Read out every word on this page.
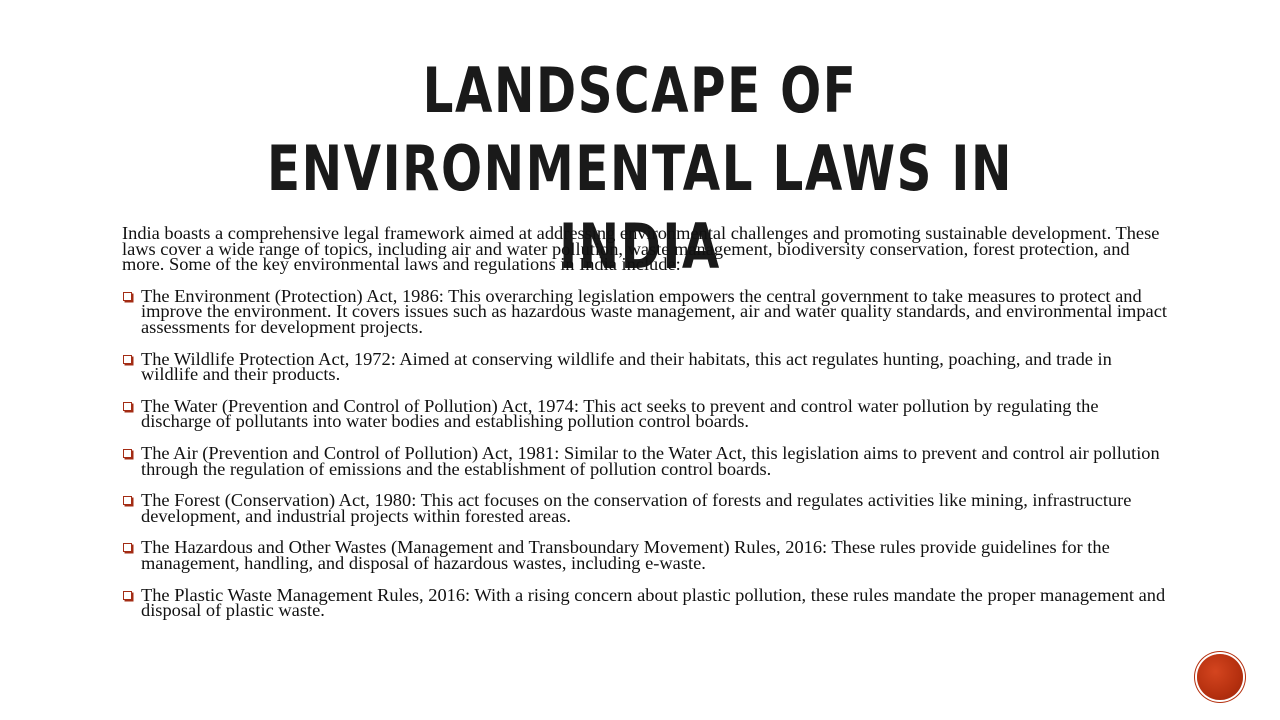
LANDSCAPE OF ENVIRONMENTAL LAWS IN INDIA

India boasts a comprehensive legal framework aimed at addressing environmental challenges and promoting sustainable development. These laws cover a wide range of topics, including air and water pollution, waste management, biodiversity conservation, forest protection, and more. Some of the key environmental laws and regulations in India include:

The Environment (Protection) Act, 1986: This overarching legislation empowers the central government to take measures to protect and improve the environment. It covers issues such as hazardous waste management, air and water quality standards, and environmental impact assessments for development projects.
The Wildlife Protection Act, 1972: Aimed at conserving wildlife and their habitats, this act regulates hunting, poaching, and trade in wildlife and their products.
The Water (Prevention and Control of Pollution) Act, 1974: This act seeks to prevent and control water pollution by regulating the discharge of pollutants into water bodies and establishing pollution control boards.
The Air (Prevention and Control of Pollution) Act, 1981: Similar to the Water Act, this legislation aims to prevent and control air pollution through the regulation of emissions and the establishment of pollution control boards.
The Forest (Conservation) Act, 1980: This act focuses on the conservation of forests and regulates activities like mining, infrastructure development, and industrial projects within forested areas.
The Hazardous and Other Wastes (Management and Transboundary Movement) Rules, 2016: These rules provide guidelines for the management, handling, and disposal of hazardous wastes, including e-waste.
The Plastic Waste Management Rules, 2016: With a rising concern about plastic pollution, these rules mandate the proper management and disposal of plastic waste.
